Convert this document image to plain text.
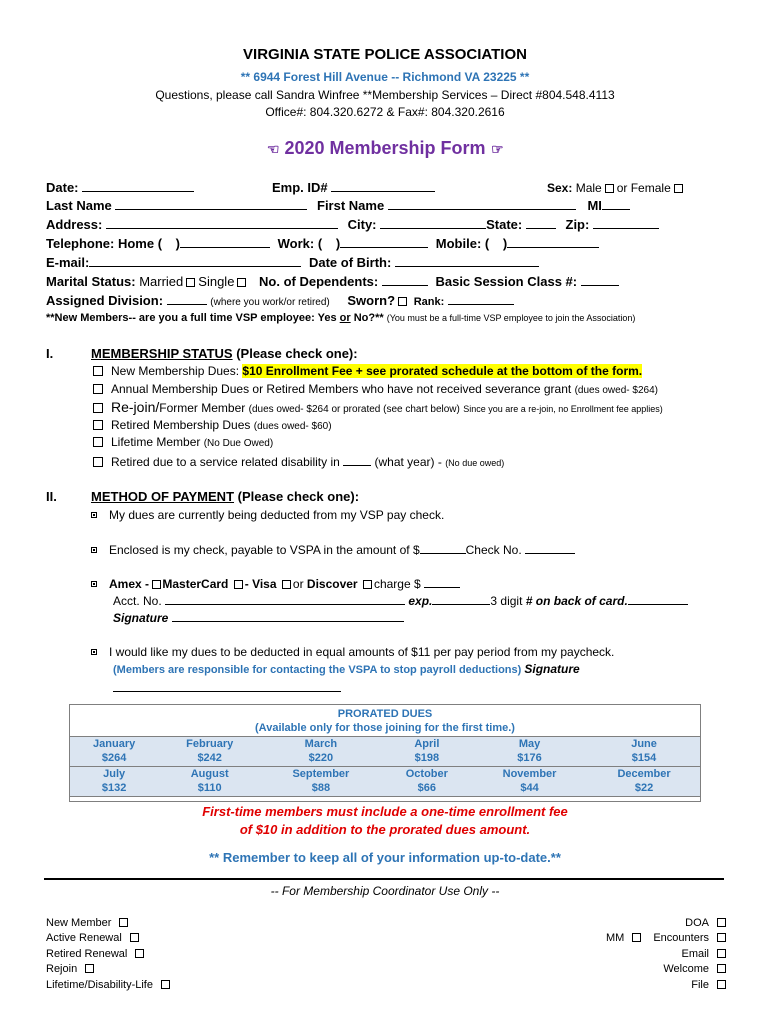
VIRGINIA STATE POLICE ASSOCIATION
** 6944 Forest Hill Avenue -- Richmond VA 23225 **
Questions, please call Sandra Winfree **Membership Services – Direct #804.548.4113
Office#: 804.320.6272 & Fax#: 804.320.2616
☜ 2020 Membership Form ☜
Date:	Emp. ID#	Sex: Male or Female
Last Name	First Name	MI
Address:	City:	State:	Zip:
Telephone: Home ( )	Work: ( )	Mobile: ( )
E-mail:	Date of Birth:
Marital Status: Married Single No. of Dependents:	Basic Session Class #:
Assigned Division:	(where you work/or retired) Sworn? Rank:
**New Members-- are you a full time VSP employee: Yes or No?** (You must be a full-time VSP employee to join the Association)
I.	MEMBERSHIP STATUS (Please check one):
New Membership Dues: $10 Enrollment Fee + see prorated schedule at the bottom of the form.
Annual Membership Dues or Retired Members who have not received severance grant (dues owed- $264)
Re-join/Former Member (dues owed- $264 or prorated (see chart below) Since you are a re-join, no Enrollment fee applies)
Retired Membership Dues (dues owed- $60)
Lifetime Member (No Due Owed)
Retired due to a service related disability in	(what year) - (No due owed)
II.	METHOD OF PAYMENT (Please check one):
My dues are currently being deducted from my VSP pay check.
Enclosed is my check, payable to VSPA in the amount of $	Check No.
Amex - MasterCard - Visa or Discover charge $
Acct. No.	exp.	3 digit # on back of card.
Signature
I would like my dues to be deducted in equal amounts of $11 per pay period from my paycheck.
(Members are responsible for contacting the VSPA to stop payroll deductions) Signature
PRORATED DUES					
(Available only for those joining for the first time.)					
January	February	March	April	May	June
$264	$242	$220	$198	$176	$154
July	August	September	October	November	December
$132	$110	$88	$66	$44	$22
First-time members must include a one-time enrollment fee
of $10 in addition to the prorated dues amount.
** Remember to keep all of your information up-to-date.**
-- For Membership Coordinator Use Only --
New Member
Active Renewal
Retired Renewal
Rejoin
Lifetime/Disability-Life
DOA
MM	Encounters
Email
Welcome
File
